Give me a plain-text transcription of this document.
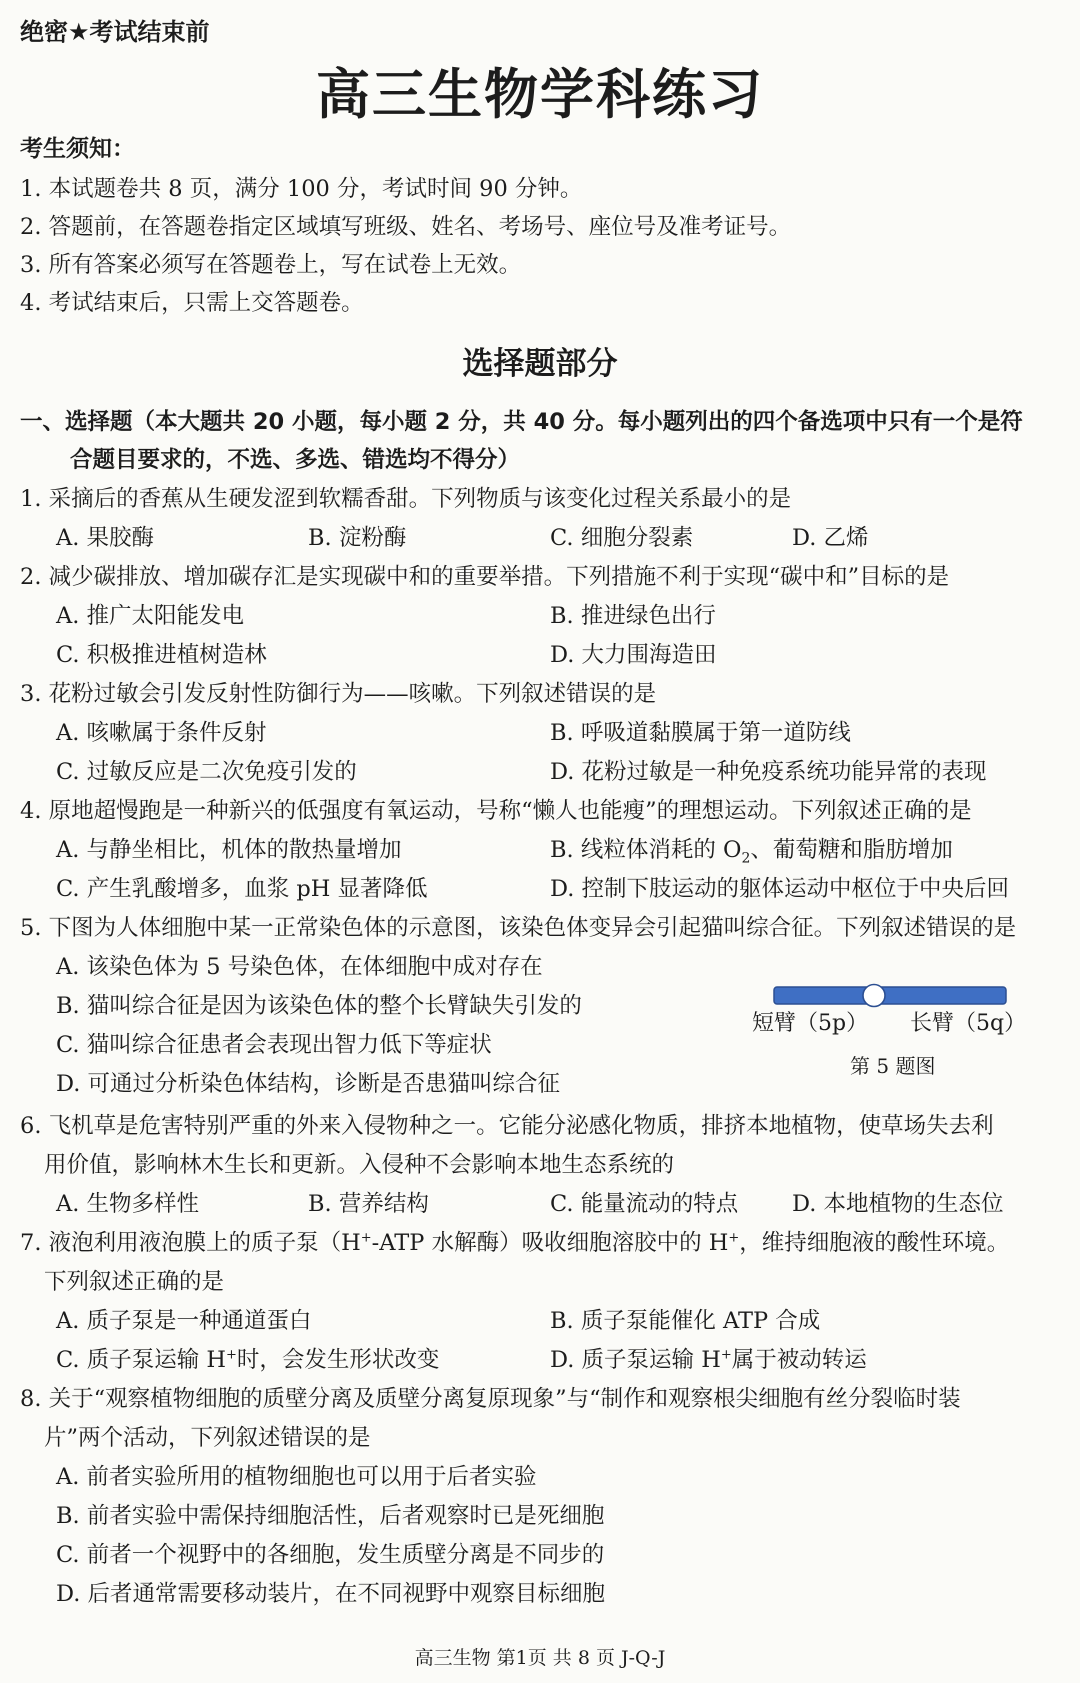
绝密★考试结束前
高三生物学科练习
考生须知：
1. 本试题卷共 8 页，满分 100 分，考试时间 90 分钟。
2. 答题前，在答题卷指定区域填写班级、姓名、考场号、座位号及准考证号。
3. 所有答案必须写在答题卷上，写在试卷上无效。
4. 考试结束后，只需上交答题卷。
选择题部分
一、选择题（本大题共 20 小题，每小题 2 分，共 40 分。每小题列出的四个备选项中只有一个是符
合题目要求的，不选、多选、错选均不得分）
1. 采摘后的香蕉从生硬发涩到软糯香甜。下列物质与该变化过程关系最小的是
A. 果胶酶	B. 淀粉酶	C. 细胞分裂素	D. 乙烯
2. 减少碳排放、增加碳存汇是实现碳中和的重要举措。下列措施不利于实现“碳中和”目标的是
A. 推广太阳能发电	B. 推进绿色出行
C. 积极推进植树造林	D. 大力围海造田
3. 花粉过敏会引发反射性防御行为——咳嗽。下列叙述错误的是
A. 咳嗽属于条件反射	B. 呼吸道黏膜属于第一道防线
C. 过敏反应是二次免疫引发的	D. 花粉过敏是一种免疫系统功能异常的表现
4. 原地超慢跑是一种新兴的低强度有氧运动，号称“懒人也能瘦”的理想运动。下列叙述正确的是
A. 与静坐相比，机体的散热量增加	B. 线粒体消耗的 $O_2$、葡萄糖和脂肪增加
C. 产生乳酸增多，血浆 pH 显著降低	D. 控制下肢运动的躯体运动中枢位于中央后回
5. 下图为人体细胞中某一正常染色体的示意图，该染色体变异会引起猫叫综合征。下列叙述错误的是
A. 该染色体为 5 号染色体，在体细胞中成对存在
B. 猫叫综合征是因为该染色体的整个长臂缺失引发的
C. 猫叫综合征患者会表现出智力低下等症状
D. 可通过分析染色体结构，诊断是否患猫叫综合征
短臂（5p） 长臂（5q）
第 5 题图
6. 飞机草是危害特别严重的外来入侵物种之一。它能分泌感化物质，排挤本地植物，使草场失去利
用价值，影响林木生长和更新。入侵种不会影响本地生态系统的
A. 生物多样性	B. 营养结构	C. 能量流动的特点 D. 本地植物的生态位
7. 液泡利用液泡膜上的质子泵（H+-ATP 水解酶）吸收细胞溶胶中的 H+，维持细胞液的酸性环境。
下列叙述正确的是
A. 质子泵是一种通道蛋白	B. 质子泵能催化 ATP 合成
C. 质子泵运输 H+时，会发生形状改变	D. 质子泵运输 H+属于被动转运
8. 关于“观察植物细胞的质壁分离及质壁分离复原现象”与“制作和观察根尖细胞有丝分裂临时装
片”两个活动，下列叙述错误的是
A. 前者实验所用的植物细胞也可以用于后者实验
B. 前者实验中需保持细胞活性，后者观察时已是死细胞
C. 前者一个视野中的各细胞，发生质壁分离是不同步的
D. 后者通常需要移动装片，在不同视野中观察目标细胞
高三生物 第1页 共 8 页 J-Q-J
